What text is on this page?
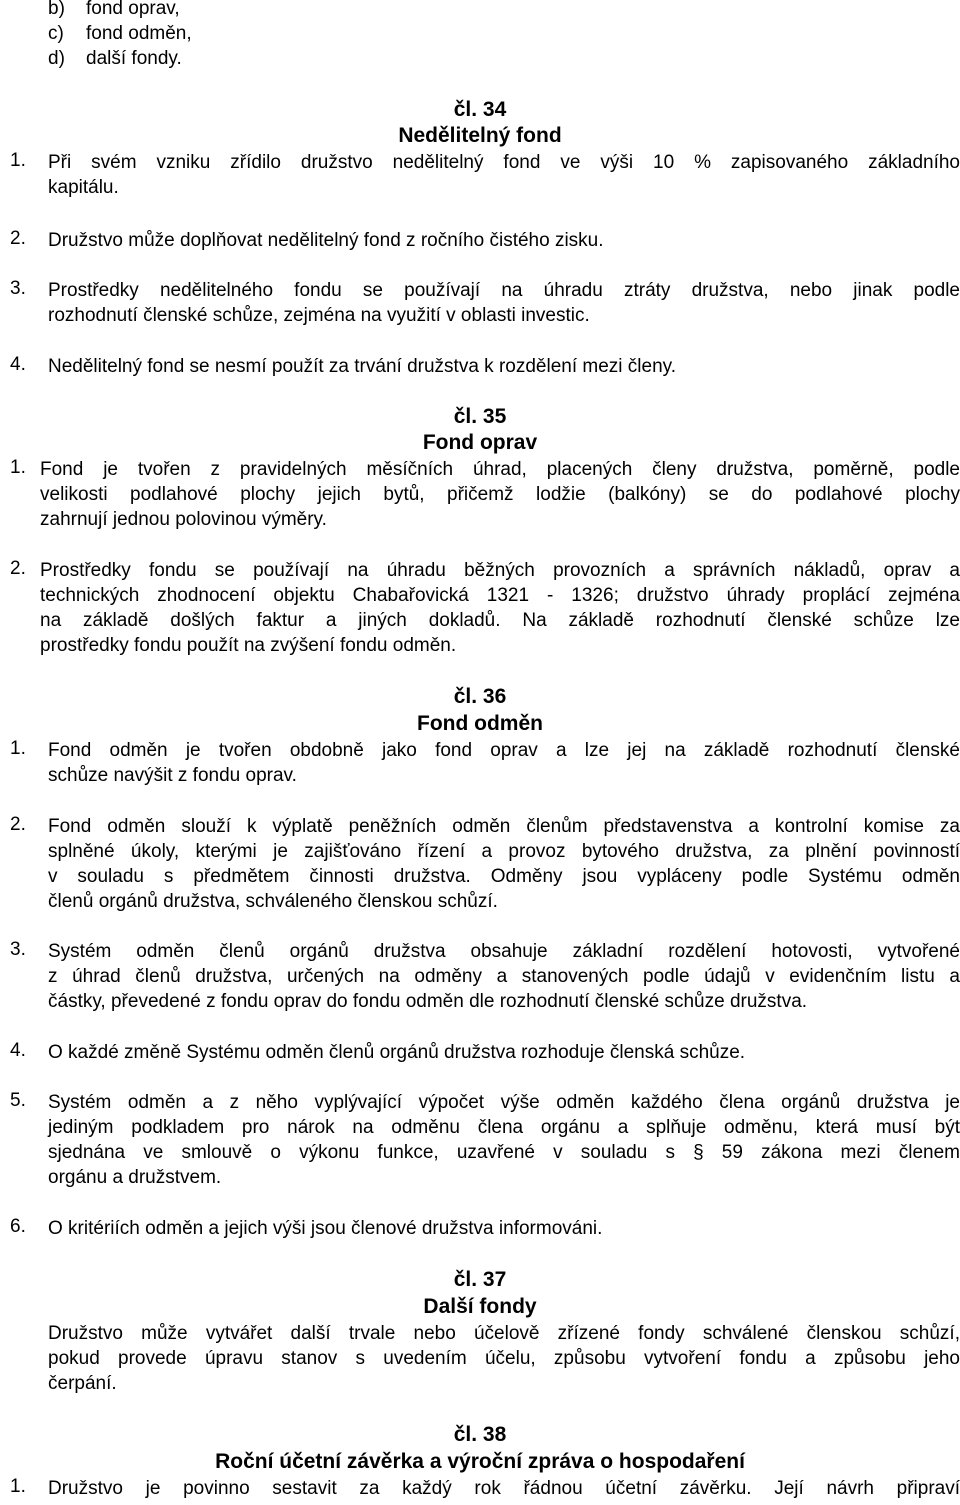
b) fond oprav,
c) fond odměn,
d) další fondy.
čl. 34
Nedělitelný fond
1. Při svém vzniku zřídilo družstvo nedělitelný fond ve výši 10 % zapisovaného základního
kapitálu.
2. Družstvo může doplňovat nedělitelný fond z ročního čistého zisku.
3. Prostředky nedělitelného fondu se používají na úhradu ztráty družstva, nebo jinak podle
rozhodnutí členské schůze, zejména na využití v oblasti investic.
4. Nedělitelný fond se nesmí použít za trvání družstva k rozdělení mezi členy.
čl. 35
Fond oprav
1. Fond je tvořen z pravidelných měsíčních úhrad, placených členy družstva, poměrně, podle
velikosti podlahové plochy jejich bytů, přičemž lodžie (balkóny) se do podlahové plochy
zahrnují jednou polovinou výměry.
2. Prostředky fondu se používají na úhradu běžných provozních a správních nákladů, oprav a
technických zhodnocení objektu Chabařovická 1321 - 1326; družstvo úhrady proplácí zejména
na základě došlých faktur a jiných dokladů. Na základě rozhodnutí členské schůze lze
prostředky fondu použít na zvýšení fondu odměn.
čl. 36
Fond odměn
1. Fond odměn je tvořen obdobně jako fond oprav a lze jej na základě rozhodnutí členské
schůze navýšit z fondu oprav.
2. Fond odměn slouží k výplatě peněžních odměn členům představenstva a kontrolní komise za
splněné úkoly, kterými je zajišťováno řízení a provoz bytového družstva, za plnění povinností
v souladu s předmětem činnosti družstva. Odměny jsou vypláceny podle Systému odměn
členů orgánů družstva, schváleného členskou schůzí.
3. Systém odměn členů orgánů družstva obsahuje základní rozdělení hotovosti, vytvořené
z úhrad členů družstva, určených na odměny a stanovených podle údajů v evidenčním listu a
částky, převedené z fondu oprav do fondu odměn dle rozhodnutí členské schůze družstva.
4. O každé změně Systému odměn členů orgánů družstva rozhoduje členská schůze.
5. Systém odměn a z něho vyplývající výpočet výše odměn každého člena orgánů družstva je
jediným podkladem pro nárok na odměnu člena orgánu a splňuje odměnu, která musí být
sjednána ve smlouvě o výkonu funkce, uzavřené v souladu s § 59 zákona mezi členem
orgánu a družstvem.
6. O kritériích odměn a jejich výši jsou členové družstva informováni.
čl. 37
Další fondy
Družstvo může vytvářet další trvale nebo účelově zřízené fondy schválené členskou schůzí,
pokud provede úpravu stanov s uvedením účelu, způsobu vytvoření fondu a způsobu jeho
čerpání.
čl. 38
Roční účetní závěrka a výroční zpráva o hospodaření
1. Družstvo je povinno sestavit za každý rok řádnou účetní závěrku. Její návrh připraví
